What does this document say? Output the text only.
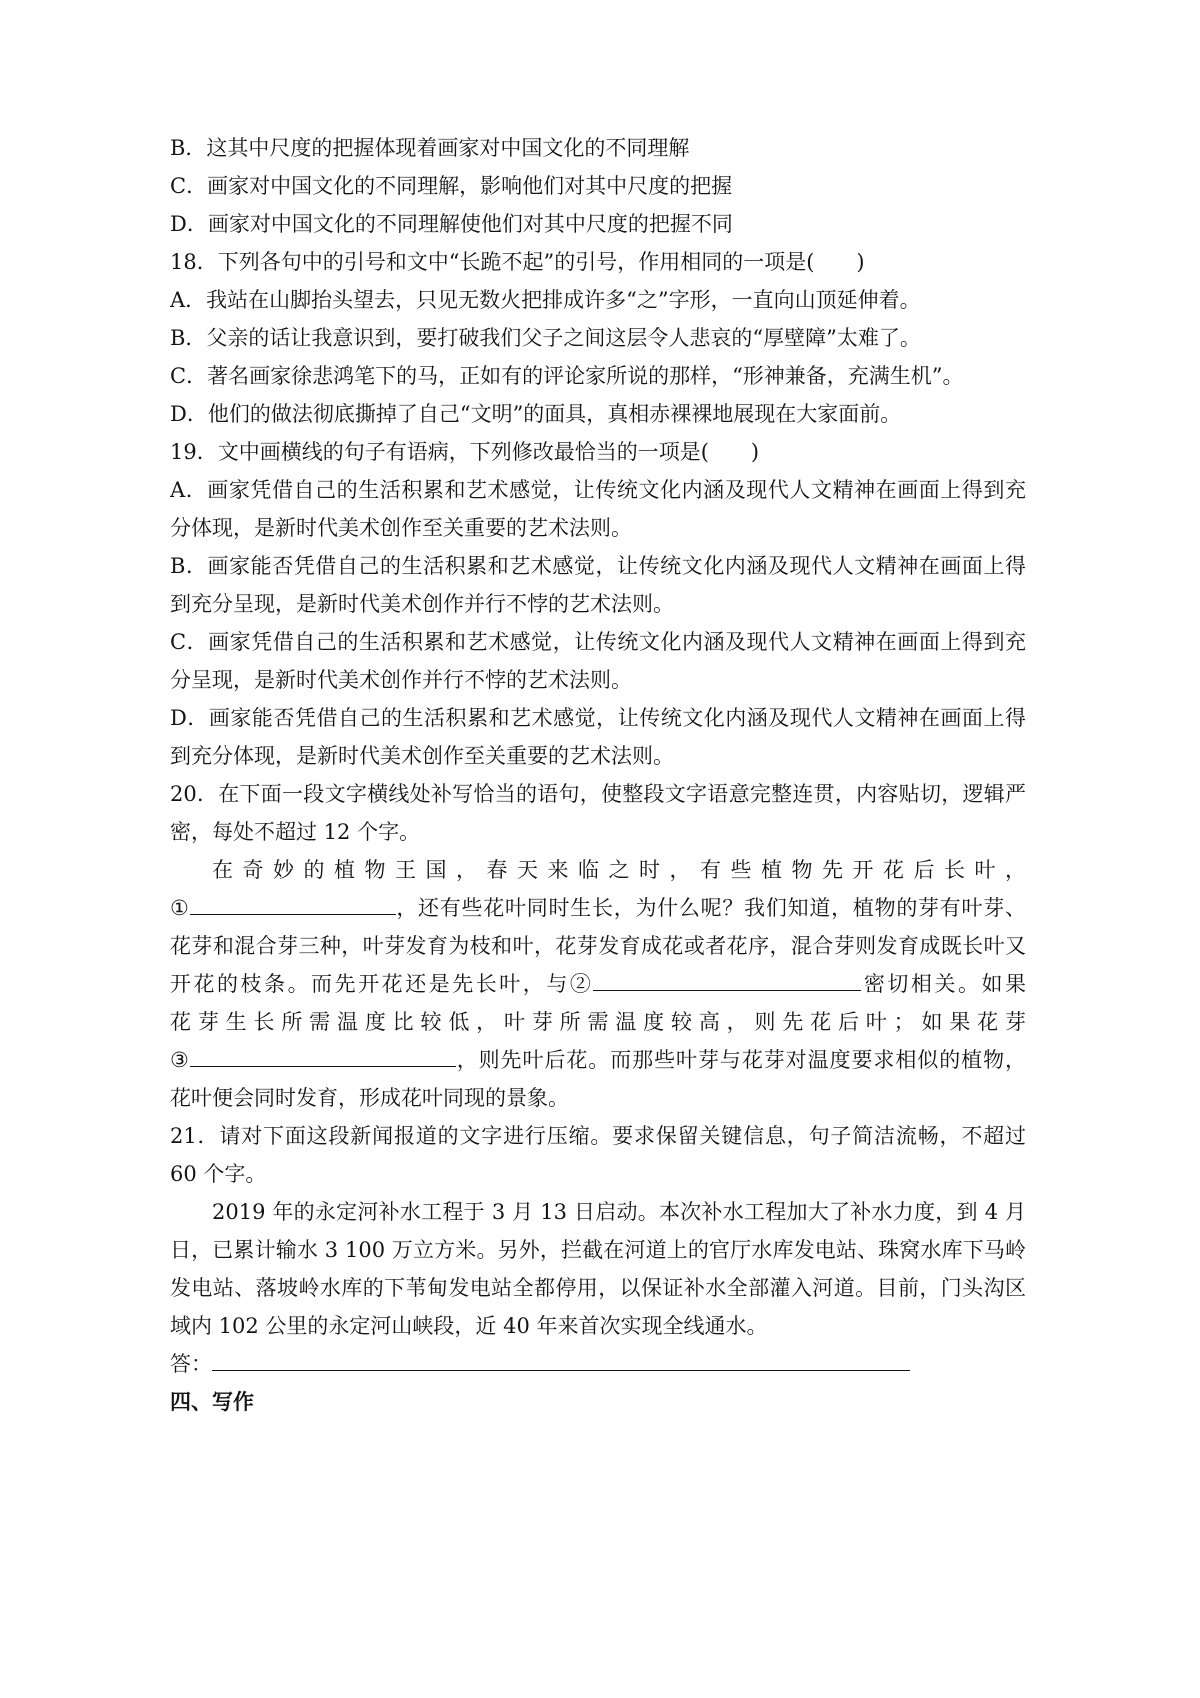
B．这其中尺度的把握体现着画家对中国文化的不同理解
C．画家对中国文化的不同理解，影响他们对其中尺度的把握
D．画家对中国文化的不同理解使他们对其中尺度的把握不同
18．下列各句中的引号和文中“长跪不起”的引号，作用相同的一项是(　　)
A．我站在山脚抬头望去，只见无数火把排成许多“之”字形，一直向山顶延伸着。
B．父亲的话让我意识到，要打破我们父子之间这层令人悲哀的“厚壁障”太难了。
C．著名画家徐悲鸿笔下的马，正如有的评论家所说的那样，“形神兼备，充满生机”。
D．他们的做法彻底撕掉了自己“文明”的面具，真相赤裸裸地展现在大家面前。
19．文中画横线的句子有语病，下列修改最恰当的一项是(　　)
A．画家凭借自己的生活积累和艺术感觉，让传统文化内涵及现代人文精神在画面上得到充
分体现，是新时代美术创作至关重要的艺术法则。
B．画家能否凭借自己的生活积累和艺术感觉，让传统文化内涵及现代人文精神在画面上得
到充分呈现，是新时代美术创作并行不悖的艺术法则。
C．画家凭借自己的生活积累和艺术感觉，让传统文化内涵及现代人文精神在画面上得到充
分呈现，是新时代美术创作并行不悖的艺术法则。
D．画家能否凭借自己的生活积累和艺术感觉，让传统文化内涵及现代人文精神在画面上得
到充分体现，是新时代美术创作至关重要的艺术法则。
20．在下面一段文字横线处补写恰当的语句，使整段文字语意完整连贯，内容贴切，逻辑严
密，每处不超过 12 个字。
在奇妙的植物王国，春天来临之时，有些植物先开花后长叶，
①	，还有些花叶同时生长，为什么呢？我们知道，植物的芽有叶芽、
花芽和混合芽三种，叶芽发育为枝和叶，花芽发育成花或者花序，混合芽则发育成既长叶又
开花的枝条。而先开花还是先长叶，与②	密切相关。如果
花芽生长所需温度比较低，叶芽所需温度较高，则先花后叶；如果花芽
③	，则先叶后花。而那些叶芽与花芽对温度要求相似的植物，
花叶便会同时发育，形成花叶同现的景象。
21．请对下面这段新闻报道的文字进行压缩。要求保留关键信息，句子简洁流畅，不超过
60 个字。
2019 年的永定河补水工程于 3 月 13 日启动。本次补水工程加大了补水力度，到 4 月
日，已累计输水 3 100 万立方米。另外，拦截在河道上的官厅水库发电站、珠窝水库下马岭
发电站、落坡岭水库的下苇甸发电站全都停用，以保证补水全部灌入河道。目前，门头沟区
域内 102 公里的永定河山峡段，近 40 年来首次实现全线通水。
答：
四、写作
